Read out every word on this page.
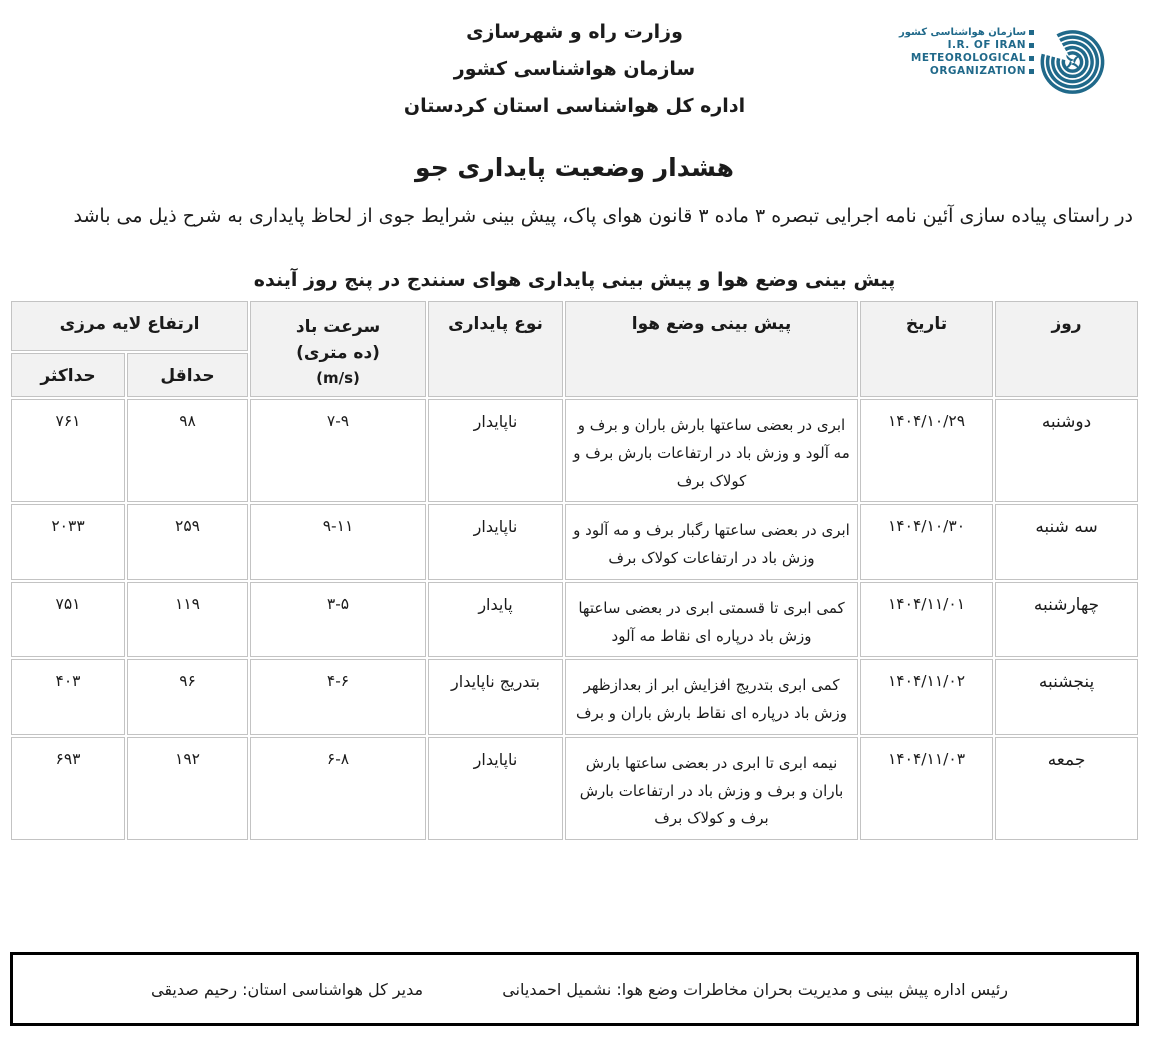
وزارت راه و شهرسازی
سازمان هواشناسی کشور
اداره کل هواشناسی استان کردستان
سازمان هواشناسی کشور
I.R. OF IRAN
METEOROLOGICAL
ORGANIZATION
هشدار وضعیت پایداری جو
در راستای پیاده سازی آئین نامه اجرایی تبصره ۳ ماده ۳ قانون هوای پاک، پیش بینی شرایط جوی از لحاظ پایداری به شرح ذیل می باشد
پیش بینی وضع هوا و پیش بینی پایداری هوای سنندج در پنج روز آینده
روز	تاریخ	پیش بینی وضع هوا	نوع پایداری	سرعت باد
(ده متری)
(m/s)	ارتفاع لایه مرزی	
					حداقل	حداکثر
دوشنبه	۱۴۰۴/۱۰/۲۹	ابری در بعضی ساعتها بارش باران و برف و مه آلود و وزش باد در ارتفاعات بارش برف و کولاک برف	ناپایدار	۷-۹	۹۸	۷۶۱
سه شنبه	۱۴۰۴/۱۰/۳۰	ابری در بعضی ساعتها رگبار برف و مه آلود و وزش باد در ارتفاعات کولاک برف	ناپایدار	۹-۱۱	۲۵۹	۲۰۳۳
چهارشنبه	۱۴۰۴/۱۱/۰۱	کمی ابری تا قسمتی ابری در بعضی ساعتها وزش باد درپاره ای نقاط مه آلود	پایدار	۳-۵	۱۱۹	۷۵۱
پنجشنبه	۱۴۰۴/۱۱/۰۲	کمی ابری بتدریج افزایش ابر از بعدازظهر وزش باد درپاره ای نقاط بارش باران و برف	بتدریج ناپایدار	۴-۶	۹۶	۴۰۳
جمعه	۱۴۰۴/۱۱/۰۳	نیمه ابری تا ابری در بعضی ساعتها بارش باران و برف و وزش باد در ارتفاعات بارش برف و کولاک برف	ناپایدار	۶-۸	۱۹۲	۶۹۳
رئیس اداره پیش بینی و مدیریت بحران مخاطرات وضع هوا: نشمیل احمدیانی
مدیر کل هواشناسی استان: رحیم صدیقی
